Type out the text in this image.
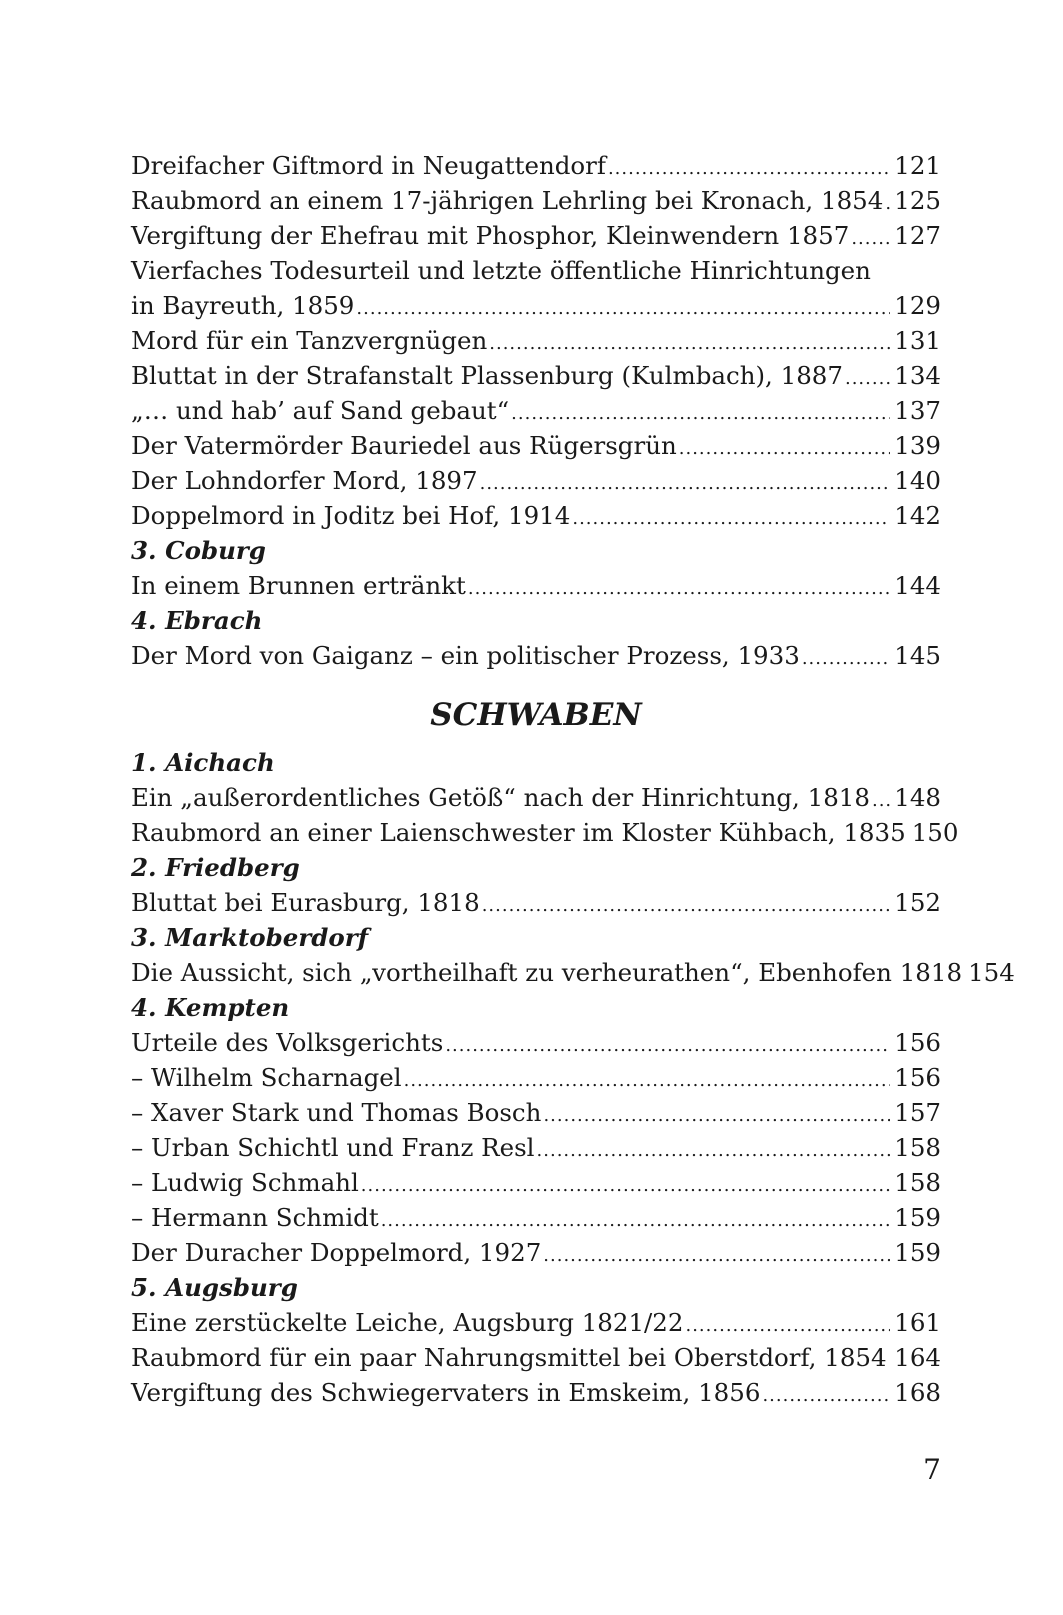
Dreifacher Giftmord in Neugattendorf .....	121
Raubmord an einem 17-jährigen Lehrling bei Kronach, 1854 ..... 125
Vergiftung der Ehefrau mit Phosphor, Kleinwendern 1857 ..... 127
Vierfaches Todesurteil und letzte öffentliche Hinrichtungen
in Bayreuth, 1859 .....	129
Mord für ein Tanzvergnügen .....	131
Bluttat in der Strafanstalt Plassenburg (Kulmbach), 1887 ..... 134
„… und hab’ auf Sand gebaut“ .....	137
Der Vatermörder Bauriedel aus Rügersgrün .....	139
Der Lohndorfer Mord, 1897 .....	140
Doppelmord in Joditz bei Hof, 1914 .....	142
3. Coburg
In einem Brunnen ertränkt .....	144
4. Ebrach
Der Mord von Gaiganz – ein politischer Prozess, 1933 .....	145
SCHWABEN
1. Aichach
Ein „außerordentliches Getöß“ nach der Hinrichtung, 1818 ..... 148
Raubmord an einer Laienschwester im Kloster Kühbach, 1835 150
2. Friedberg
Bluttat bei Eurasburg, 1818 .....	152
3. Marktoberdorf
Die Aussicht, sich „vortheilhaft zu verheurathen“, Ebenhofen 1818 154
4. Kempten
Urteile des Volksgerichts .....	156
– Wilhelm Scharnagel .....	156
– Xaver Stark und Thomas Bosch .....	157
– Urban Schichtl und Franz Resl .....	158
– Ludwig Schmahl .....	158
– Hermann Schmidt .....	159
Der Duracher Doppelmord, 1927 .....	159
5. Augsburg
Eine zerstückelte Leiche, Augsburg 1821/22 .....	161
Raubmord für ein paar Nahrungsmittel bei Oberstdorf, 1854 ..... 164
Vergiftung des Schwiegervaters in Emskeim, 1856 .....	168
7
